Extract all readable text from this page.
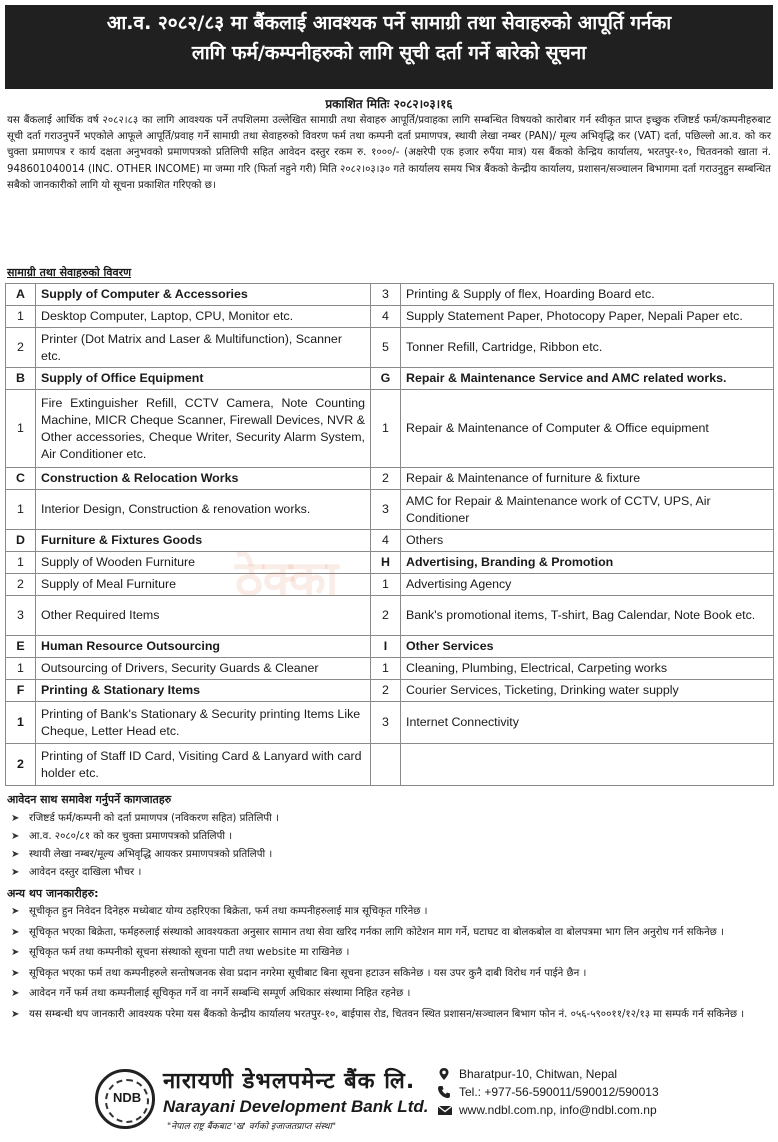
आ.व. २०८२/८३ मा बैंकलाई आवश्यक पर्ने सामाग्री तथा सेवाहरुको आपूर्ति गर्नका
लागि फर्म/कम्पनीहरुको लागि सूची दर्ता गर्ने बारेको सूचना
प्रकाशित मितिः २०८२।०३।१६
यस बैंकलाई आर्थिक वर्ष २०८२।८३ का लागि आवश्यक पर्ने तपशिलमा उल्लेखित सामाग्री तथा सेवाहरु आपूर्ति/प्रवाहका लागि सम्बन्धित विषयको कारोबार गर्न स्वीकृत प्राप्त इच्छुक रजिष्टर्ड फर्म/कम्पनीहरुबाट सूची दर्ता गराउनुपर्ने भएकोले आफूले आपूर्ति/प्रवाह गर्ने सामाग्री तथा सेवाहरुको विवरण फर्म तथा कम्पनी दर्ता प्रमाणपत्र, स्थायी लेखा नम्बर (PAN)/ मूल्य अभिवृद्धि कर (VAT) दर्ता, पछिल्लो आ.व. को कर चुक्ता प्रमाणपत्र र कार्य दक्षता अनुभवको प्रमाणपत्रको प्रतिलिपी सहित आवेदन दस्तुर रकम रु. १०००/- (अक्षरेपी एक हजार रुपैंया मात्र) यस बैंकको केन्द्रिय कार्यालय, भरतपुर-१०, चितवनको खाता नं. 948601040014 (INC. OTHER INCOME) मा जम्मा गरि (फिर्ता नहुने गरी) मिति २०८२।०३।३० गते कार्यालय समय भित्र बैंकको केन्द्रीय कार्यालय, प्रशासन/सञ्चालन बिभागमा दर्ता गराउनुहुन सम्बन्धित सबैको जानकारीको लागि यो सूचना प्रकाशित गरिएको छ।
सामाग्री तथा सेवाहरुको विवरण
A	Supply of Computer & Accessories	3	Printing & Supply of flex, Hoarding Board etc.
1	Desktop Computer, Laptop, CPU, Monitor etc.	4	Supply Statement Paper, Photocopy Paper, Nepali Paper etc.
2	Printer (Dot Matrix and Laser & Multifunction), Scanner etc.	5	Tonner Refill, Cartridge, Ribbon etc.
B	Supply of Office Equipment	G	Repair & Maintenance Service and AMC related works.
1	Fire Extinguisher Refill, CCTV Camera, Note Counting Machine, MICR Cheque Scanner, Firewall Devices, NVR & Other accessories, Cheque Writer, Security Alarm System, Air Conditioner etc.	1	Repair & Maintenance of Computer & Office equipment
C	Construction & Relocation Works	2	Repair & Maintenance of furniture & fixture
1	Interior Design, Construction & renovation works.	3	AMC for Repair & Maintenance work of CCTV, UPS, Air Conditioner
D	Furniture & Fixtures Goods	4	Others
1	Supply of Wooden Furniture	H	Advertising, Branding & Promotion
2	Supply of Meal Furniture	1	Advertising Agency
3	Other Required Items	2	Bank's promotional items, T-shirt, Bag Calendar, Note Book etc.
E	Human Resource Outsourcing	I	Other Services
1	Outsourcing of Drivers, Security Guards & Cleaner	1	Cleaning, Plumbing, Electrical, Carpeting works
F	Printing & Stationary Items	2	Courier Services, Ticketing, Drinking water supply
1	Printing of Bank's Stationary & Security printing Items Like Cheque, Letter Head etc.	3	Internet Connectivity
2	Printing of Staff ID Card, Visiting Card & Lanyard with card holder etc.		
आवेदन साथ समावेश गर्नुपर्ने कागजातहरु
➤ रजिष्टर्ड फर्म/कम्पनी को दर्ता प्रमाणपत्र (नविकरण सहित) प्रतिलिपी ।
➤ आ.व. २०८०/८१ को कर चुक्ता प्रमाणपत्रको प्रतिलिपी ।
➤ स्थायी लेखा नम्बर/मूल्य अभिवृद्धि आयकर प्रमाणपत्रको प्रतिलिपी ।
➤ आवेदन दस्तुर दाखिला भौचर ।
अन्य थप जानकारीहरु:
➤ सूचीकृत हुन निवेदन दिनेहरु मध्येबाट योग्य ठहरिएका बिक्रेता, फर्म तथा कम्पनीहरुलाई मात्र सूचिकृत गरिनेछ ।
➤ सूचिकृत भएका बिक्रेता, फर्महरुलाई संस्थाको आवश्यकता अनुसार सामान तथा सेवा खरिद गर्नका लागि कोटेशन माग गर्ने, घटाघट वा बोलकबोल वा बोलपत्रमा भाग लिन अनुरोध गर्न सकिनेछ ।
➤ सूचिकृत फर्म तथा कम्पनीको सूचना संस्थाको सूचना पाटी तथा website मा राखिनेछ ।
➤ सूचिकृत भएका फर्म तथा कम्पनीहरुले सन्तोषजनक सेवा प्रदान नगरेमा सूचीबाट बिना सूचना हटाउन सकिनेछ । यस उपर कुनै दाबी विरोध गर्न पाईने छैन ।
➤ आवेदन गर्ने फर्म तथा कम्पनीलाई सूचिकृत गर्ने वा नगर्ने सम्बन्धि सम्पूर्ण अधिकार संस्थामा निहित रहनेछ ।
➤ यस सम्बन्धी थप जानकारी आवश्यक परेमा यस बैंकको केन्द्रीय कार्यालय भरतपुर-१०, बाईपास रोड, चितवन स्थित प्रशासन/सञ्चालन बिभाग फोन नं. ०५६-५९००११/१२/१३ मा सम्पर्क गर्न सकिनेछ ।
ठेक्का
NDB
नारायणी डेभलपमेन्ट बैंक लि.
Narayani Development Bank Ltd.
"नेपाल राष्ट्र बैंकबाट 'ख' वर्गको इजाजतप्राप्त संस्था"
Bharatpur-10, Chitwan, Nepal
Tel.: +977-56-590011/590012/590013
www.ndbl.com.np, info@ndbl.com.np
